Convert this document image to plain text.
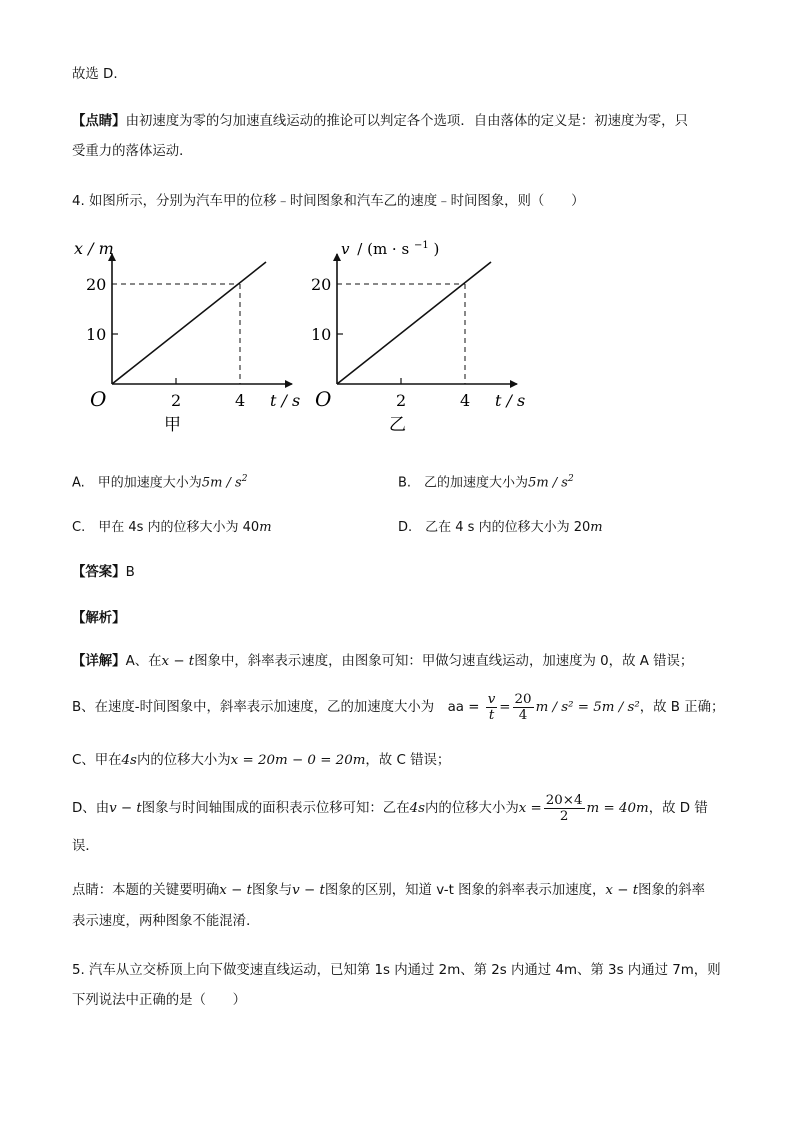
故选 D.
【点睛】由初速度为零的匀加速直线运动的推论可以判定各个选项．自由落体的定义是：初速度为零，只
受重力的落体运动．
4. 如图所示，分别为汽车甲的位移﹣时间图象和汽车乙的速度﹣时间图象，则（　　）
x / m
20
10
O	2	4 t / s
甲
v / (m · s $^{-1}$ )
20
10
O	2	4 t / s
乙
A.　甲的加速度大小为$5m / s^2$	B.　乙的加速度大小为$5m / s^2$
C.　甲在 4s 内的位移大小为 40m	D.　乙在 4 s 内的位移大小为 20m
【答案】B
【解析】
【详解】A、在x − t图象中，斜率表示速度，由图象可知：甲做匀速直线运动，加速度为 0，故 A 错误；
B、在速度-时间图象中，斜率表示加速度，乙的加速度大小为　aa = $\frac{v}{t} = \frac{20}{4}$ m / s² = 5m / s²，故 B 正确；
C、甲在4s内的位移大小为x = 20m − 0 = 20m，故 C 错误；
D、由v − t图象与时间轴围成的面积表示位移可知：乙在4s内的位移大小为$x = \frac{20\times 4}{2}$ m = 40m，故 D 错
误．
点睛：本题的关键要明确x − t图象与v − t图象的区别，知道 v-t 图象的斜率表示加速度，x − t图象的斜率
表示速度，两种图象不能混淆．
5. 汽车从立交桥顶上向下做变速直线运动，已知第 1s 内通过 2m、第 2s 内通过 4m、第 3s 内通过 7m，则
下列说法中正确的是（　　）
